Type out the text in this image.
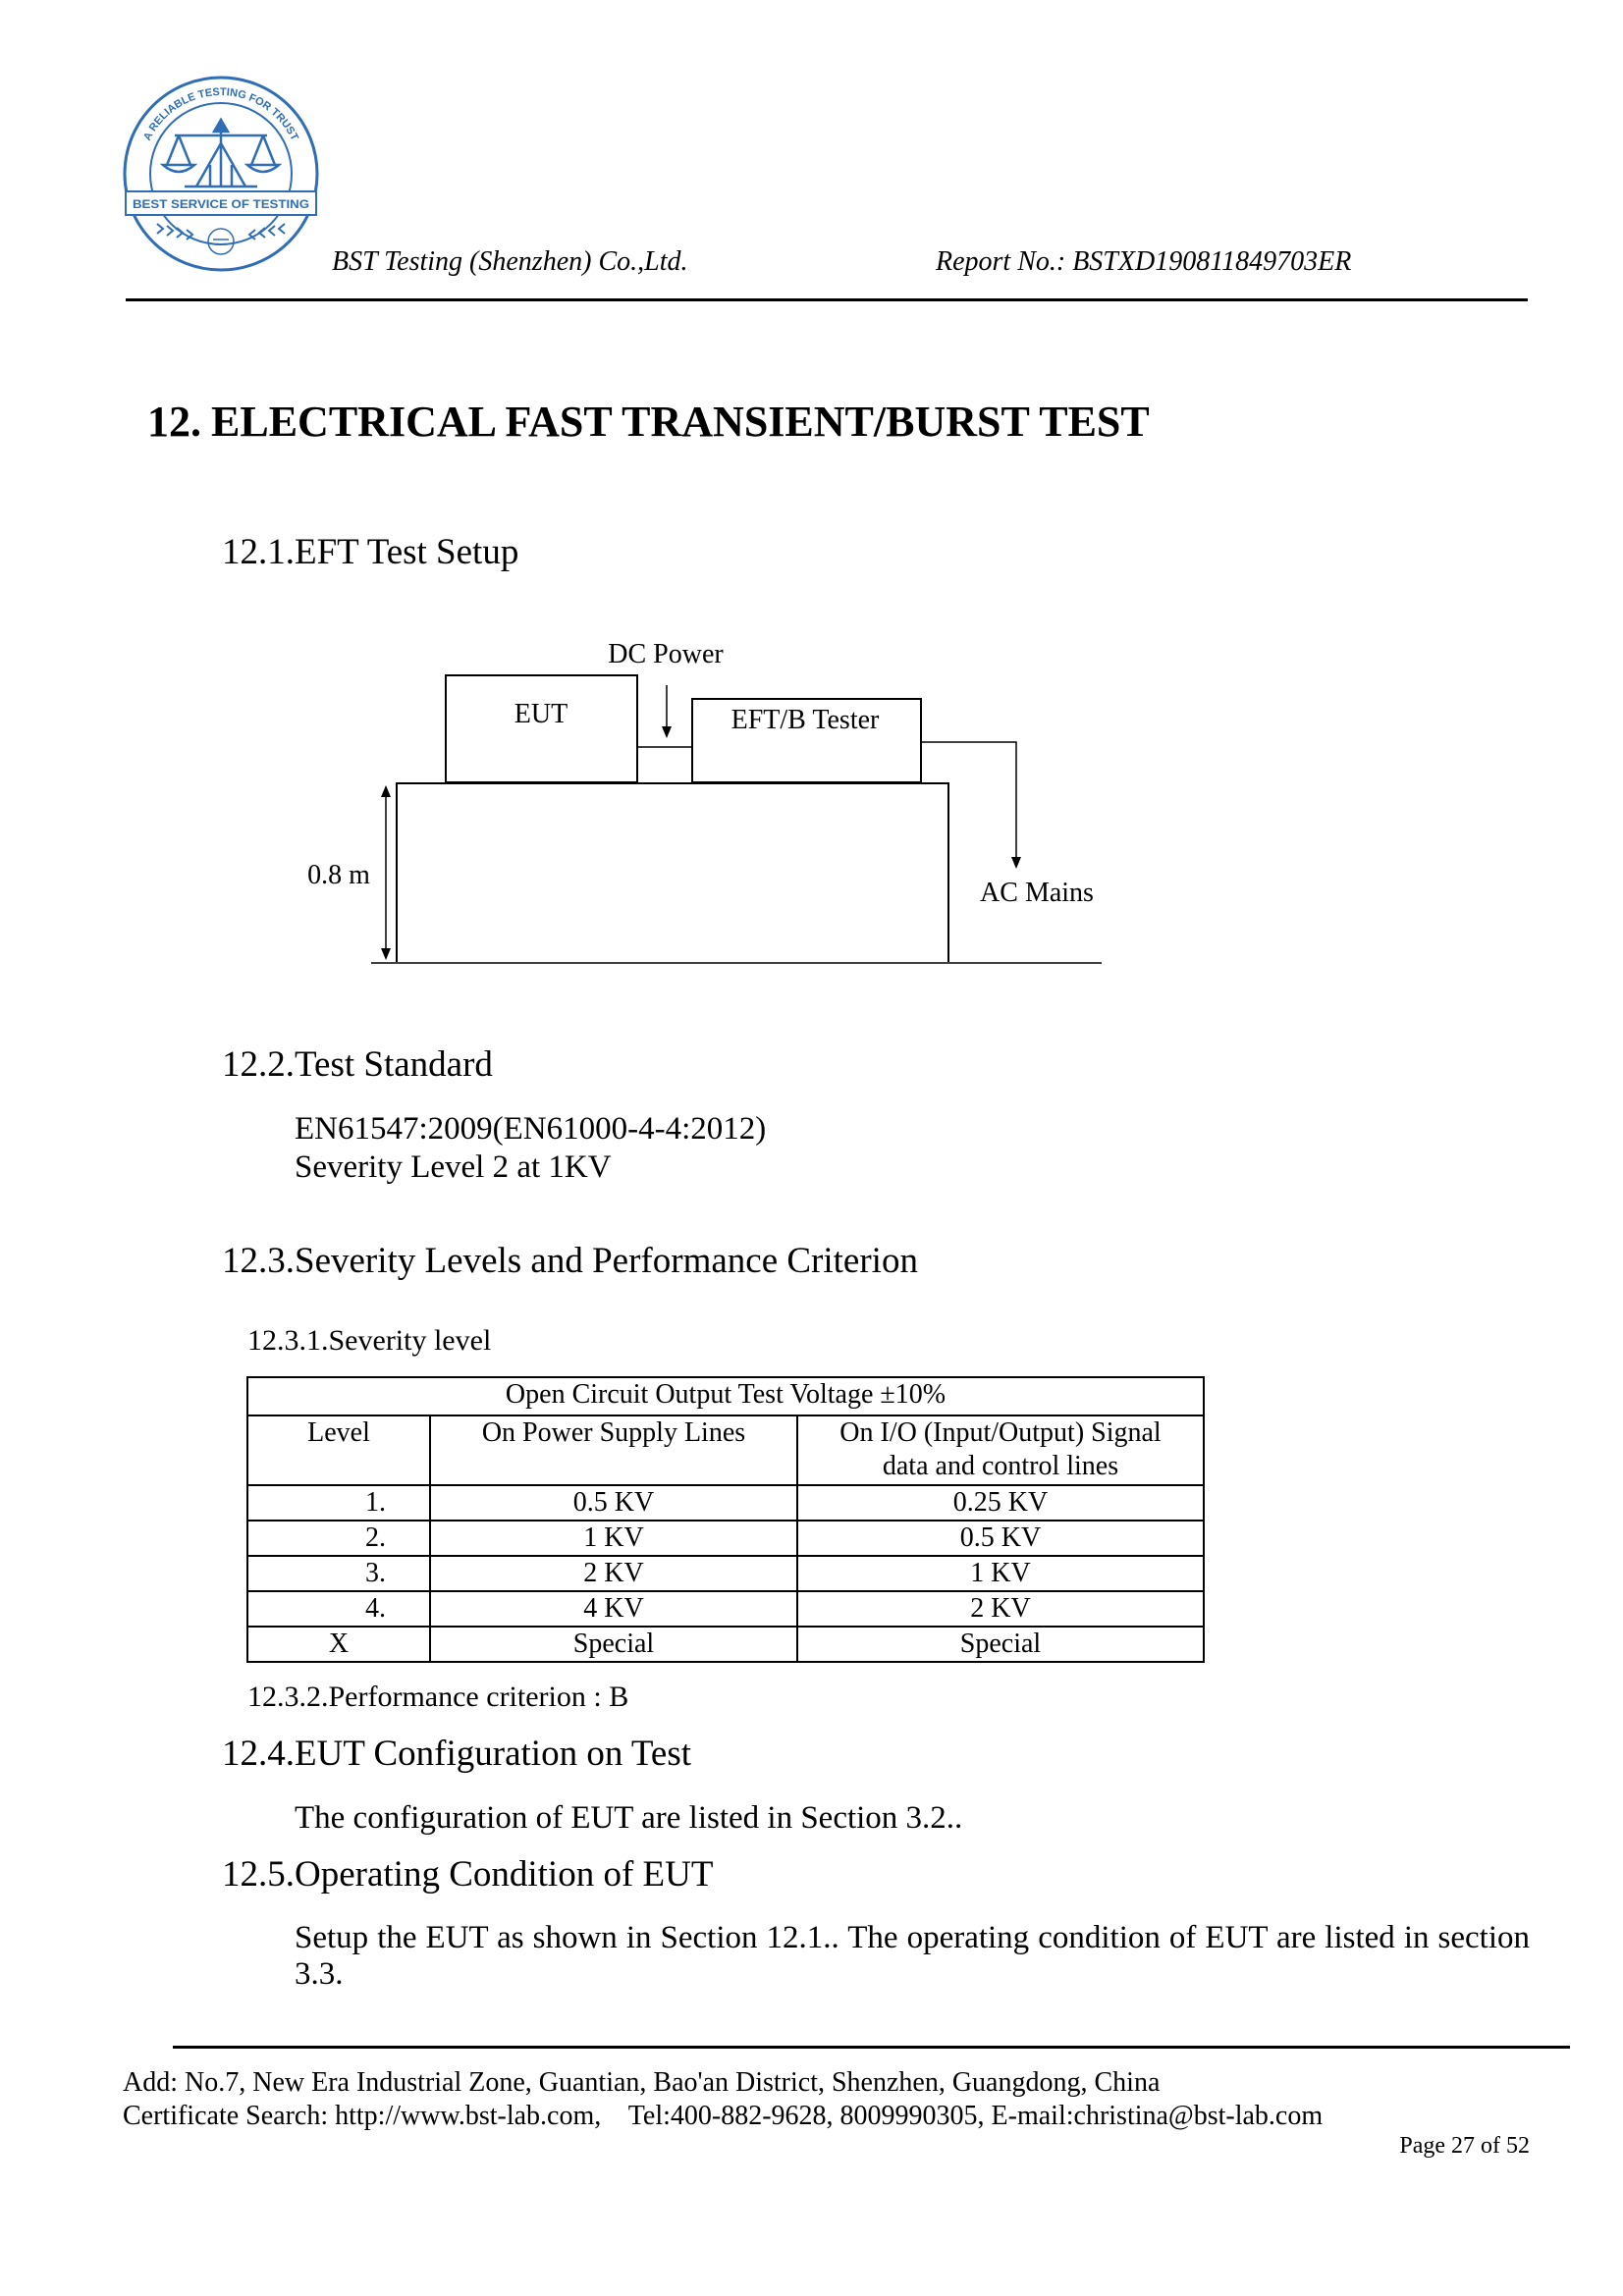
A RELIABLE TESTING FOR TRUST
BEST SERVICE OF TESTING
BST Testing (Shenzhen) Co.,Ltd.	Report No.: BSTXD190811849703ER
12. ELECTRICAL FAST TRANSIENT/BURST TEST
12.1.EFT Test Setup
DC Power
EUT	EFT/B Tester
0.8 m
AC Mains
12.2.Test Standard
EN61547:2009(EN61000-4-4:2012)
Severity Level 2 at 1KV
12.3.Severity Levels and Performance Criterion
12.3.1.Severity level
Open Circuit Output Test Voltage ±10%		
Level	On Power Supply Lines	On I/O (Input/Output) Signal data and control lines
1.	0.5 KV	0.25 KV
2.	1 KV	0.5 KV
3.	2 KV	1 KV
4.	4 KV	2 KV
X	Special	Special
12.3.2.Performance criterion : B
12.4.EUT Configuration on Test
The configuration of EUT are listed in Section 3.2..
12.5.Operating Condition of EUT
Setup the EUT as shown in Section 12.1.. The operating condition of EUT are listed in section 3.3.
Add: No.7, New Era Industrial Zone, Guantian, Bao'an District, Shenzhen, Guangdong, China
Certificate Search: http://www.bst-lab.com,    Tel:400-882-9628, 8009990305, E-mail:christina@bst-lab.com
Page 27 of 52
